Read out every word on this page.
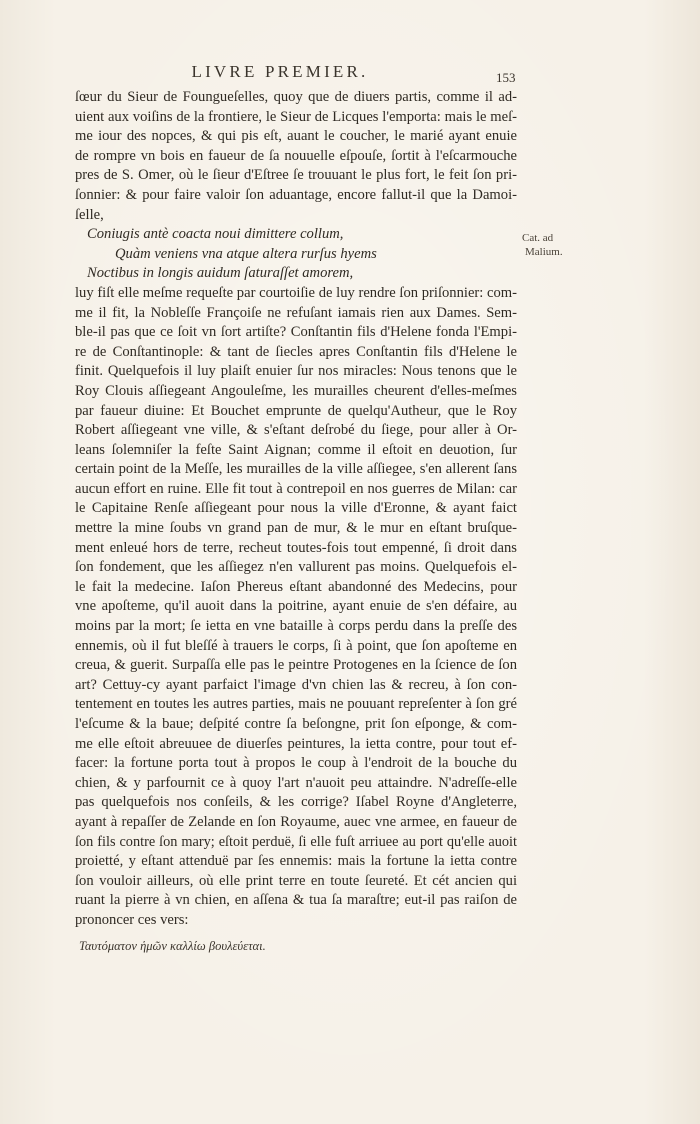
LIVRE PREMIER.	153
Cat. ad
Malium.
ſœur du Sieur de Foungueſelles, quoy que de diuers partis, comme il ad-
uient aux voiſins de la frontiere, le Sieur de Licques l'emporta: mais le meſ-
me iour des nopces, & qui pis eſt, auant le coucher, le marié ayant enuie
de rompre vn bois en faueur de ſa nouuelle eſpouſe, ſortit à l'eſcarmouche
pres de S. Omer, où le ſieur d'Eſtree ſe trouuant le plus fort, le feit ſon pri-
ſonnier: & pour faire valoir ſon aduantage, encore fallut-il que la Damoi-
ſelle,
Coniugis antè coacta noui dimittere collum,
Quàm veniens vna atque altera rurſus hyems
Noctibus in longis auidum ſaturaſſet amorem,
luy fiſt elle meſme requeſte par courtoiſie de luy rendre ſon priſonnier: com-
me il fit, la Nobleſſe Françoiſe ne refuſant iamais rien aux Dames. Sem-
ble-il pas que ce ſoit vn ſort artiſte? Conſtantin fils d'Helene fonda l'Empi-
re de Conſtantinople: & tant de ſiecles apres Conſtantin fils d'Helene le
finit. Quelquefois il luy plaiſt enuier ſur nos miracles: Nous tenons que le
Roy Clouis aſſiegeant Angouleſme, les murailles cheurent d'elles-meſmes
par faueur diuine: Et Bouchet emprunte de quelqu'Autheur, que le Roy
Robert aſſiegeant vne ville, & s'eſtant deſrobé du ſiege, pour aller à Or-
leans ſolemniſer la feſte Saint Aignan; comme il eſtoit en deuotion, ſur
certain point de la Meſſe, les murailles de la ville aſſiegee, s'en allerent ſans
aucun effort en ruine. Elle fit tout à contrepoil en nos guerres de Milan: car
le Capitaine Renſe aſſiegeant pour nous la ville d'Eronne, & ayant faict
mettre la mine ſoubs vn grand pan de mur, & le mur en eſtant bruſque-
ment enleué hors de terre, recheut toutes-fois tout empenné, ſi droit dans
ſon fondement, que les aſſiegez n'en vallurent pas moins. Quelquefois el-
le fait la medecine. Iaſon Phereus eſtant abandonné des Medecins, pour
vne apoſteme, qu'il auoit dans la poitrine, ayant enuie de s'en défaire, au
moins par la mort; ſe ietta en vne bataille à corps perdu dans la preſſe des
ennemis, où il fut bleſſé à trauers le corps, ſi à point, que ſon apoſteme en
creua, & guerit. Surpaſſa elle pas le peintre Protogenes en la ſcience de ſon
art? Cettuy-cy ayant parfaict l'image d'vn chien las & recreu, à ſon con-
tentement en toutes les autres parties, mais ne pouuant repreſenter à ſon gré
l'eſcume & la baue; deſpité contre ſa beſongne, prit ſon eſponge, & com-
me elle eſtoit abreuuee de diuerſes peintures, la ietta contre, pour tout ef-
facer: la fortune porta tout à propos le coup à l'endroit de la bouche du
chien, & y parfournit ce à quoy l'art n'auoit peu attaindre. N'adreſſe-elle
pas quelquefois nos conſeils, & les corrige? Iſabel Royne d'Angleterre,
ayant à repaſſer de Zelande en ſon Royaume, auec vne armee, en faueur de
ſon fils contre ſon mary; eſtoit perduë, ſi elle fuſt arriuee au port qu'elle auoit
proietté, y eſtant attenduë par ſes ennemis: mais la fortune la ietta contre
ſon vouloir ailleurs, où elle print terre en toute ſeureté. Et cét ancien qui
ruant la pierre à vn chien, en aſſena & tua ſa maraſtre; eut-il pas raiſon de
prononcer ces vers:
Ταυτόματον ἡμῶν καλλίω βουλεύεται.
